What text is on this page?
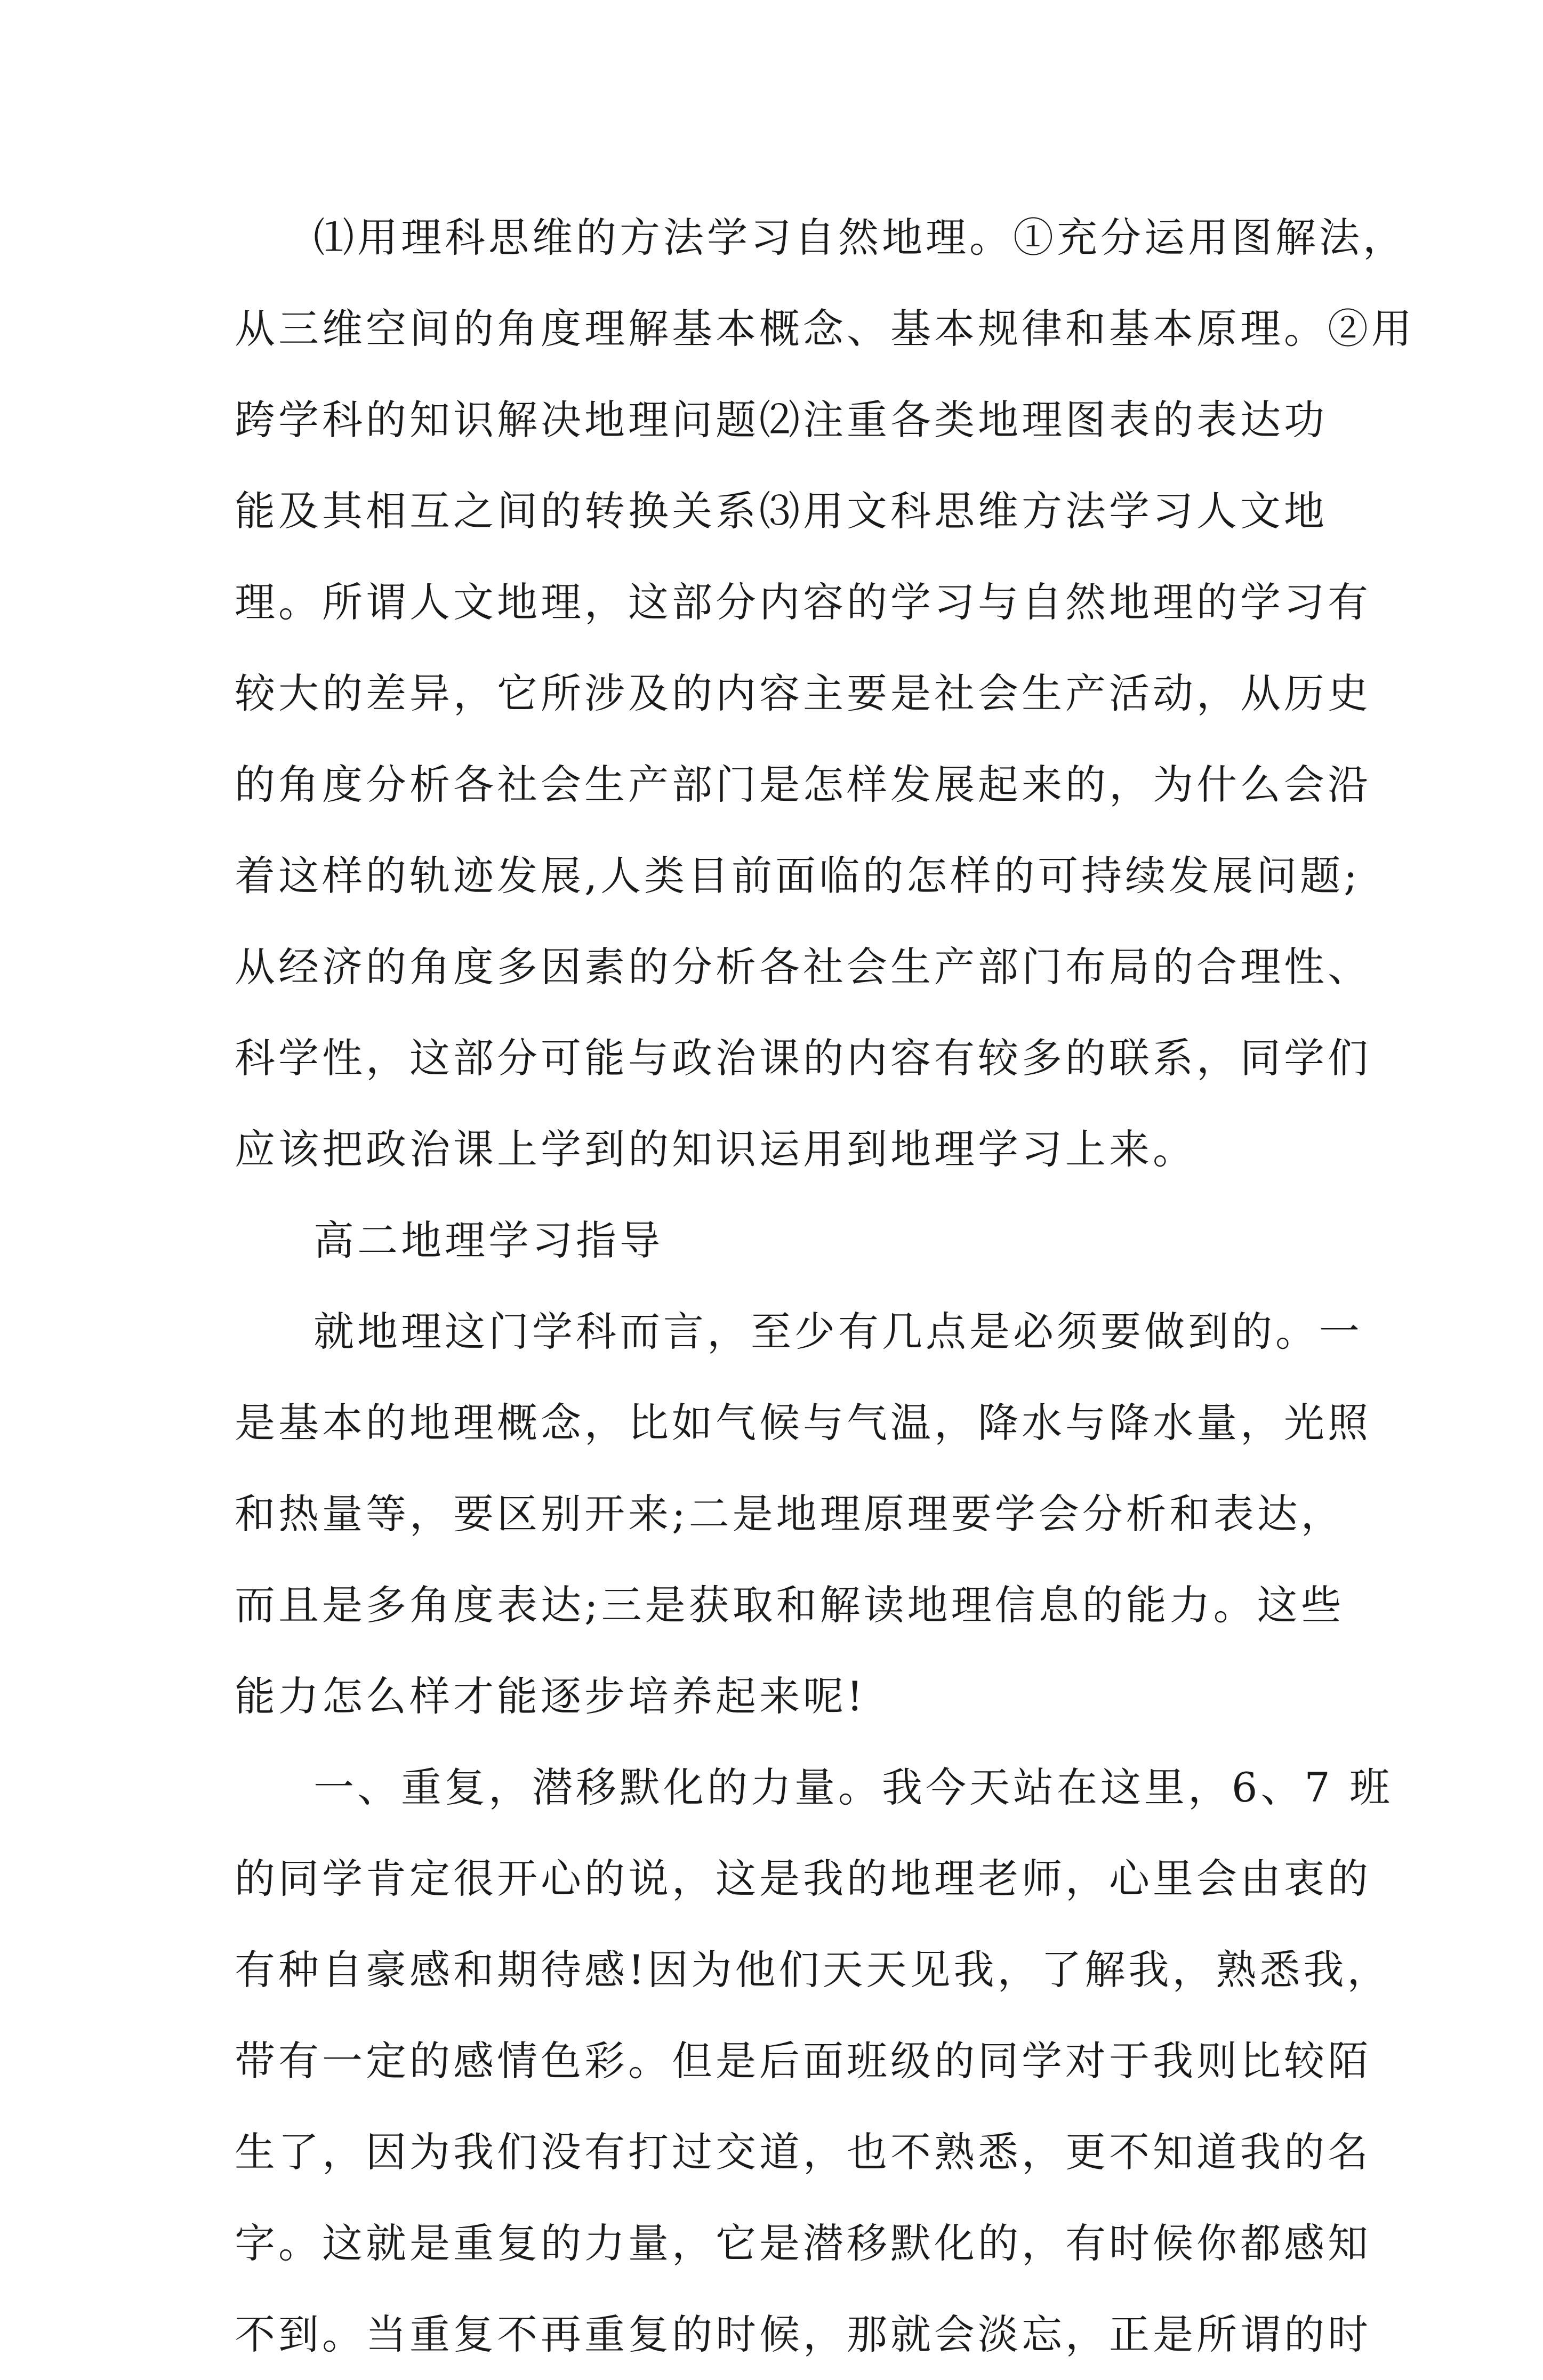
⑴用理科思维的方法学习自然地理。①充分运用图解法，
从三维空间的角度理解基本概念、基本规律和基本原理。②用
跨学科的知识解决地理问题⑵注重各类地理图表的表达功
能及其相互之间的转换关系⑶用文科思维方法学习人文地
理。所谓人文地理，这部分内容的学习与自然地理的学习有
较大的差异，它所涉及的内容主要是社会生产活动，从历史
的角度分析各社会生产部门是怎样发展起来的，为什么会沿
着这样的轨迹发展,人类目前面临的怎样的可持续发展问题;
从经济的角度多因素的分析各社会生产部门布局的合理性、
科学性，这部分可能与政治课的内容有较多的联系，同学们
应该把政治课上学到的知识运用到地理学习上来。
高二地理学习指导
就地理这门学科而言，至少有几点是必须要做到的。一
是基本的地理概念，比如气候与气温，降水与降水量，光照
和热量等，要区别开来;二是地理原理要学会分析和表达，
而且是多角度表达;三是获取和解读地理信息的能力。这些
能力怎么样才能逐步培养起来呢!
一、重复，潜移默化的力量。我今天站在这里，6、7 班
的同学肯定很开心的说，这是我的地理老师，心里会由衷的
有种自豪感和期待感!因为他们天天见我，了解我，熟悉我，
带有一定的感情色彩。但是后面班级的同学对于我则比较陌
生了，因为我们没有打过交道，也不熟悉，更不知道我的名
字。这就是重复的力量，它是潜移默化的，有时候你都感知
不到。当重复不再重复的时候，那就会淡忘，正是所谓的时
